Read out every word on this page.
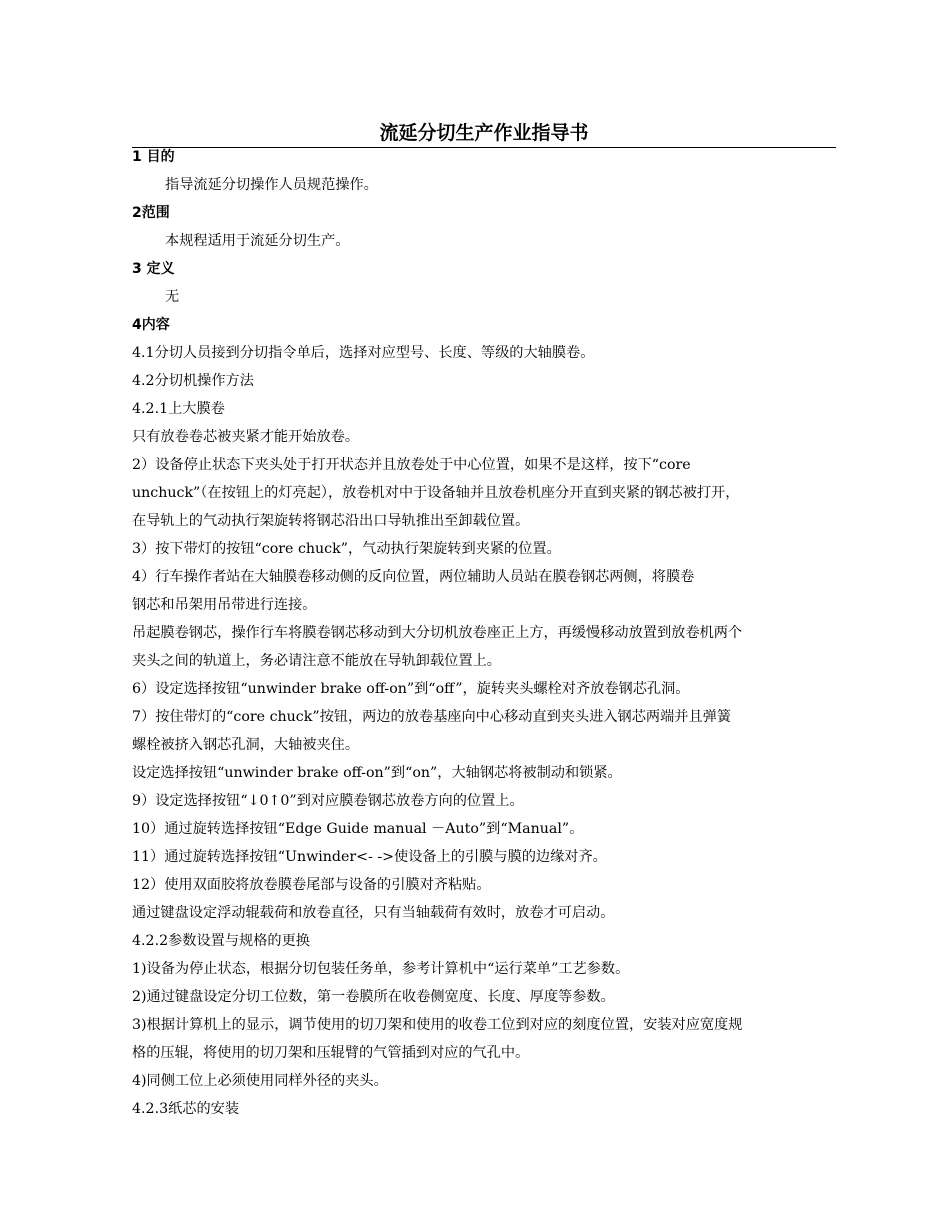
流延分切生产作业指导书
1 目的
指导流延分切操作人员规范操作。
2范围
本规程适用于流延分切生产。
3 定义
无
4内容
4.1分切人员接到分切指令单后，选择对应型号、长度、等级的大轴膜卷。
4.2分切机操作方法
4.2.1上大膜卷
只有放卷卷芯被夹紧才能开始放卷。
2）设备停止状态下夹头处于打开状态并且放卷处于中心位置，如果不是这样，按下“core
unchuck”（在按钮上的灯亮起），放卷机对中于设备轴并且放卷机座分开直到夹紧的钢芯被打开，
在导轨上的气动执行架旋转将钢芯沿出口导轨推出至卸载位置。
3）按下带灯的按钮“core chuck”，气动执行架旋转到夹紧的位置。
4）行车操作者站在大轴膜卷移动侧的反向位置，两位辅助人员站在膜卷钢芯两侧，将膜卷
钢芯和吊架用吊带进行连接。
吊起膜卷钢芯，操作行车将膜卷钢芯移动到大分切机放卷座正上方，再缓慢移动放置到放卷机两个
夹头之间的轨道上，务必请注意不能放在导轨卸载位置上。
6）设定选择按钮“unwinder brake off-on”到“off”，旋转夹头螺栓对齐放卷钢芯孔洞。
7）按住带灯的“core chuck”按钮，两边的放卷基座向中心移动直到夹头进入钢芯两端并且弹簧
螺栓被挤入钢芯孔洞，大轴被夹住。
设定选择按钮“unwinder brake off-on”到“on”，大轴钢芯将被制动和锁紧。
9）设定选择按钮“↓0↑0”到对应膜卷钢芯放卷方向的位置上。
10）通过旋转选择按钮“Edge Guide manual －Auto”到“Manual”。
11）通过旋转选择按钮“Unwinder<- ->使设备上的引膜与膜的边缘对齐。
12）使用双面胶将放卷膜卷尾部与设备的引膜对齐粘贴。
通过键盘设定浮动辊载荷和放卷直径，只有当轴载荷有效时，放卷才可启动。
4.2.2参数设置与规格的更换
1)设备为停止状态，根据分切包装任务单，参考计算机中“运行菜单”工艺参数。
2)通过键盘设定分切工位数，第一卷膜所在收卷侧宽度、长度、厚度等参数。
3)根据计算机上的显示，调节使用的切刀架和使用的收卷工位到对应的刻度位置，安装对应宽度规
格的压辊，将使用的切刀架和压辊臂的气管插到对应的气孔中。
4)同侧工位上必须使用同样外径的夹头。
4.2.3纸芯的安装
